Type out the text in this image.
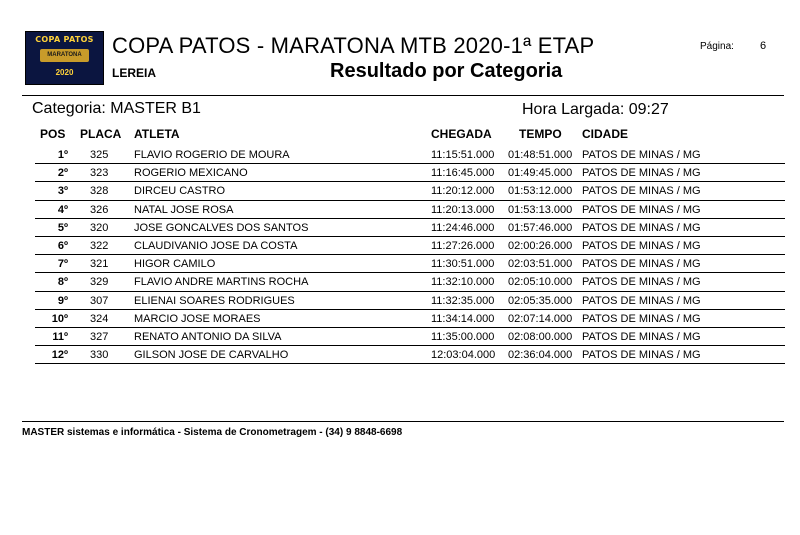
COPA PATOS
MARATONA
2020
COPA PATOS - MARATONA MTB 2020-1ª ETAP	Página: 6
LEREIA	Resultado por Categoria
Categoria: MASTER B1	Hora Largada: 09:27
POS PLACA ATLETA	CHEGADA TEMPO CIDADE
1º 325 FLAVIO ROGERIO DE MOURA	11:15:51.000 01:48:51.000 PATOS DE MINAS / MG
2º 323 ROGERIO MEXICANO	11:16:45.000 01:49:45.000 PATOS DE MINAS / MG
3º 328 DIRCEU CASTRO	11:20:12.000 01:53:12.000 PATOS DE MINAS / MG
4º 326 NATAL JOSE ROSA	11:20:13.000 01:53:13.000 PATOS DE MINAS / MG
5º 320 JOSE GONCALVES DOS SANTOS	11:24:46.000 01:57:46.000 PATOS DE MINAS / MG
6º 322 CLAUDIVANIO JOSE DA COSTA	11:27:26.000 02:00:26.000 PATOS DE MINAS / MG
7º 321 HIGOR CAMILO	11:30:51.000 02:03:51.000 PATOS DE MINAS / MG
8º 329 FLAVIO ANDRE MARTINS ROCHA	11:32:10.000 02:05:10.000 PATOS DE MINAS / MG
9º 307 ELIENAI SOARES RODRIGUES	11:32:35.000 02:05:35.000 PATOS DE MINAS / MG
10º 324 MARCIO JOSE MORAES	11:34:14.000 02:07:14.000 PATOS DE MINAS / MG
11º 327 RENATO ANTONIO DA SILVA	11:35:00.000 02:08:00.000 PATOS DE MINAS / MG
12º 330 GILSON JOSE DE CARVALHO	12:03:04.000 02:36:04.000 PATOS DE MINAS / MG
MASTER sistemas e informática - Sistema de Cronometragem - (34) 9 8848-6698
